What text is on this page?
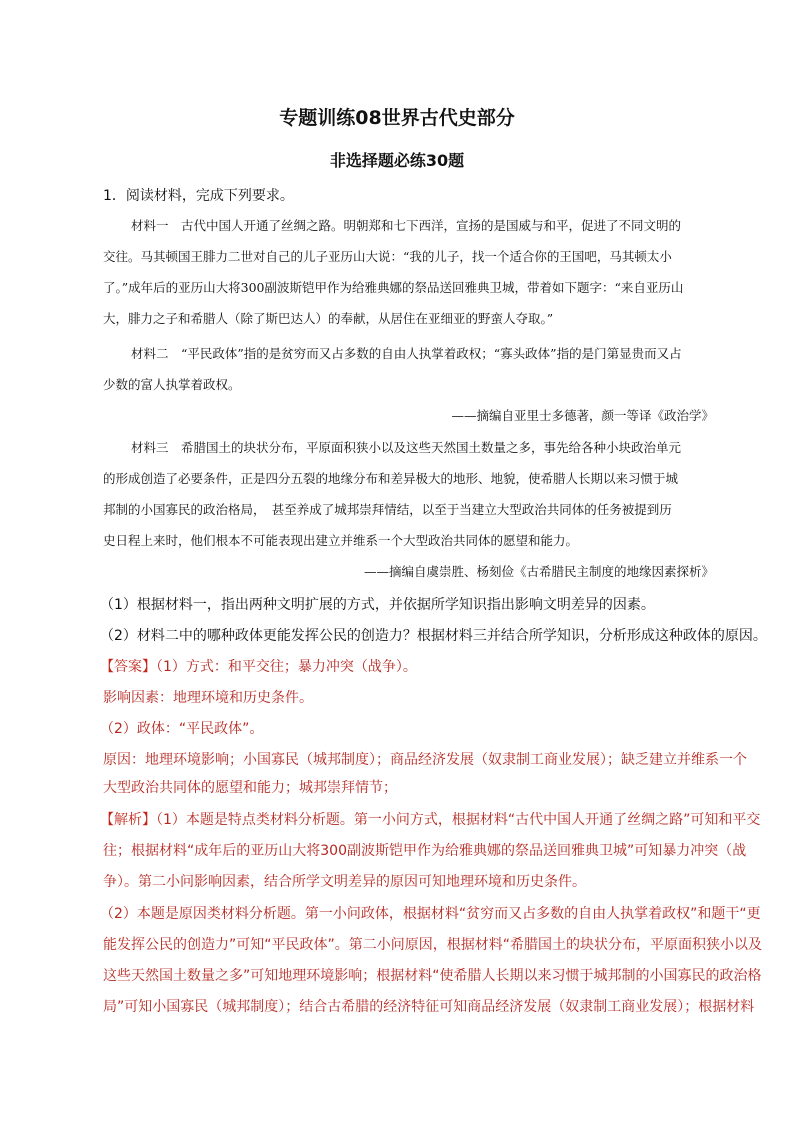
专题训练08世界古代史部分
非选择题必练30题

1．阅读材料，完成下列要求。

材料一　古代中国人开通了丝绸之路。明朝郑和七下西洋，宣扬的是国威与和平，促进了不同文明的

交往。马其顿国王腓力二世对自己的儿子亚历山大说：“我的儿子，找一个适合你的王国吧，马其顿太小

了。”成年后的亚历山大将300副波斯铠甲作为给雅典娜的祭品送回雅典卫城，带着如下题字：“来自亚历山

大，腓力之子和希腊人（除了斯巴达人）的奉献，从居住在亚细亚的野蛮人夺取。”

材料二　“平民政体”指的是贫穷而又占多数的自由人执掌着政权；“寡头政体”指的是门第显贵而又占

少数的富人执掌着政权。

——摘编自亚里士多德著，颜一等译《政治学》

材料三　希腊国土的块状分布，平原面积狭小以及这些天然国土数量之多，事先给各种小块政治单元

的形成创造了必要条件，正是四分五裂的地缘分布和差异极大的地形、地貌，使希腊人长期以来习惯于城

邦制的小国寡民的政治格局，　甚至养成了城邦崇拜情结，以至于当建立大型政治共同体的任务被提到历

史日程上来时，他们根本不可能表现出建立并维系一个大型政治共同体的愿望和能力。

——摘编自虞崇胜、杨刻俭《古希腊民主制度的地缘因素探析》

（1）根据材料一，指出两种文明扩展的方式，并依据所学知识指出影响文明差异的因素。

（2）材料二中的哪种政体更能发挥公民的创造力？根据材料三并结合所学知识，分析形成这种政体的原因。

【答案】（1）方式：和平交往；暴力冲突（战争）。

影响因素：地理环境和历史条件。

（2）政体：“平民政体”。

原因：地理环境影响；小国寡民（城邦制度）；商品经济发展（奴隶制工商业发展）；缺乏建立并维系一个

大型政治共同体的愿望和能力；城邦崇拜情节；

【解析】（1）本题是特点类材料分析题。第一小问方式，根据材料“古代中国人开通了丝绸之路”可知和平交

往；根据材料“成年后的亚历山大将300副波斯铠甲作为给雅典娜的祭品送回雅典卫城”可知暴力冲突（战

争）。第二小问影响因素，结合所学文明差异的原因可知地理环境和历史条件。

（2）本题是原因类材料分析题。第一小问政体，根据材料“贫穷而又占多数的自由人执掌着政权”和题干“更

能发挥公民的创造力”可知“平民政体”。第二小问原因，根据材料“希腊国土的块状分布，平原面积狭小以及

这些天然国土数量之多”可知地理环境影响；根据材料“使希腊人长期以来习惯于城邦制的小国寡民的政治格

局”可知小国寡民（城邦制度）；结合古希腊的经济特征可知商品经济发展（奴隶制工商业发展）；根据材料
